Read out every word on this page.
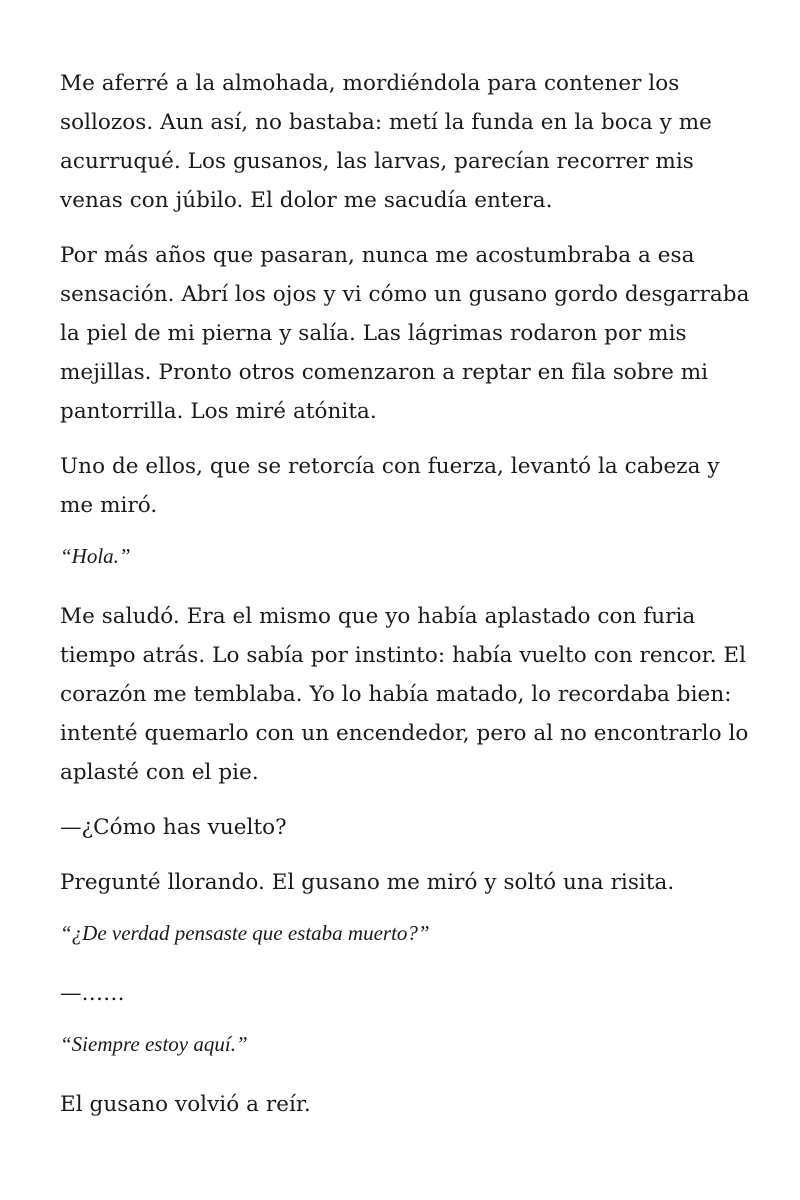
Me aferré a la almohada, mordiéndola para contener los sollozos. Aun así, no bastaba: metí la funda en la boca y me acurruqué. Los gusanos, las larvas, parecían recorrer mis venas con júbilo. El dolor me sacudía entera.

Por más años que pasaran, nunca me acostumbraba a esa sensación. Abrí los ojos y vi cómo un gusano gordo desgarraba la piel de mi pierna y salía. Las lágrimas rodaron por mis mejillas. Pronto otros comenzaron a reptar en fila sobre mi pantorrilla. Los miré atónita.

Uno de ellos, que se retorcía con fuerza, levantó la cabeza y me miró.

“Hola.”

Me saludó. Era el mismo que yo había aplastado con furia tiempo atrás. Lo sabía por instinto: había vuelto con rencor. El corazón me temblaba. Yo lo había matado, lo recordaba bien: intenté quemarlo con un encendedor, pero al no encontrarlo lo aplasté con el pie.

—¿Cómo has vuelto?

Pregunté llorando. El gusano me miró y soltó una risita.

“¿De verdad pensaste que estaba muerto?”

—……

“Siempre estoy aquí.”

El gusano volvió a reír.
